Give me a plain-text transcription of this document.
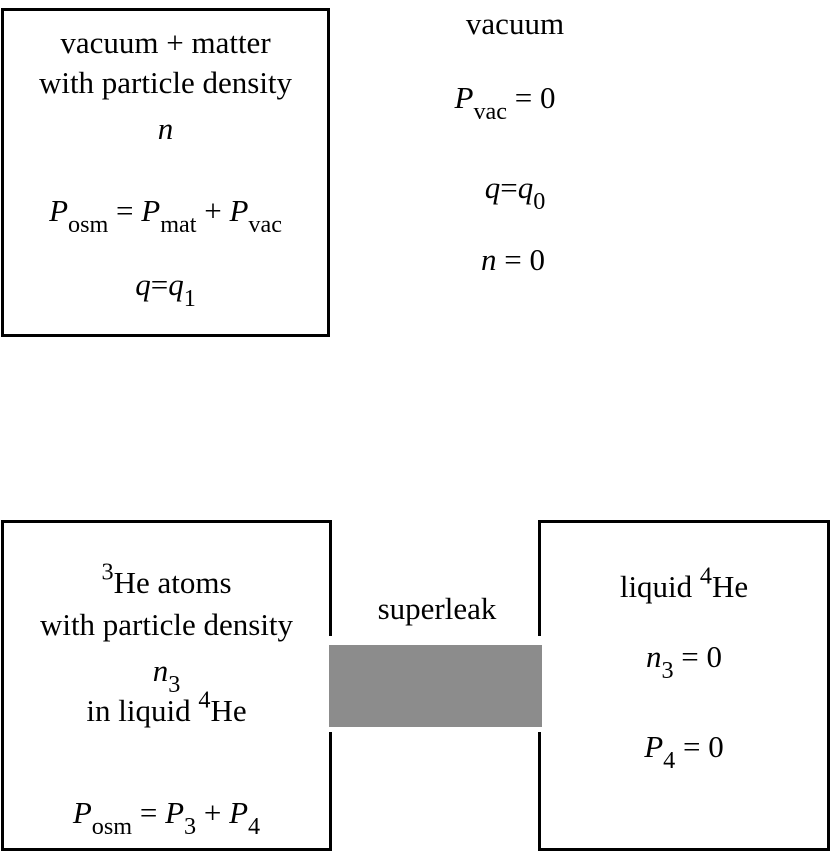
vacuum + matter
with particle density
n
$P_{osm} = P_{mat} + P_{vac}$
$q=q_1$
vacuum
$P_{vac} = 0$
$q=q_0$
n = 0
$^3$He atoms
with particle density
$n_3$
in liquid $^4$He
$P_{osm} = P_3 + P_4$
liquid $^4$He
$n_3 = 0$
$P_4 = 0$
superleak
